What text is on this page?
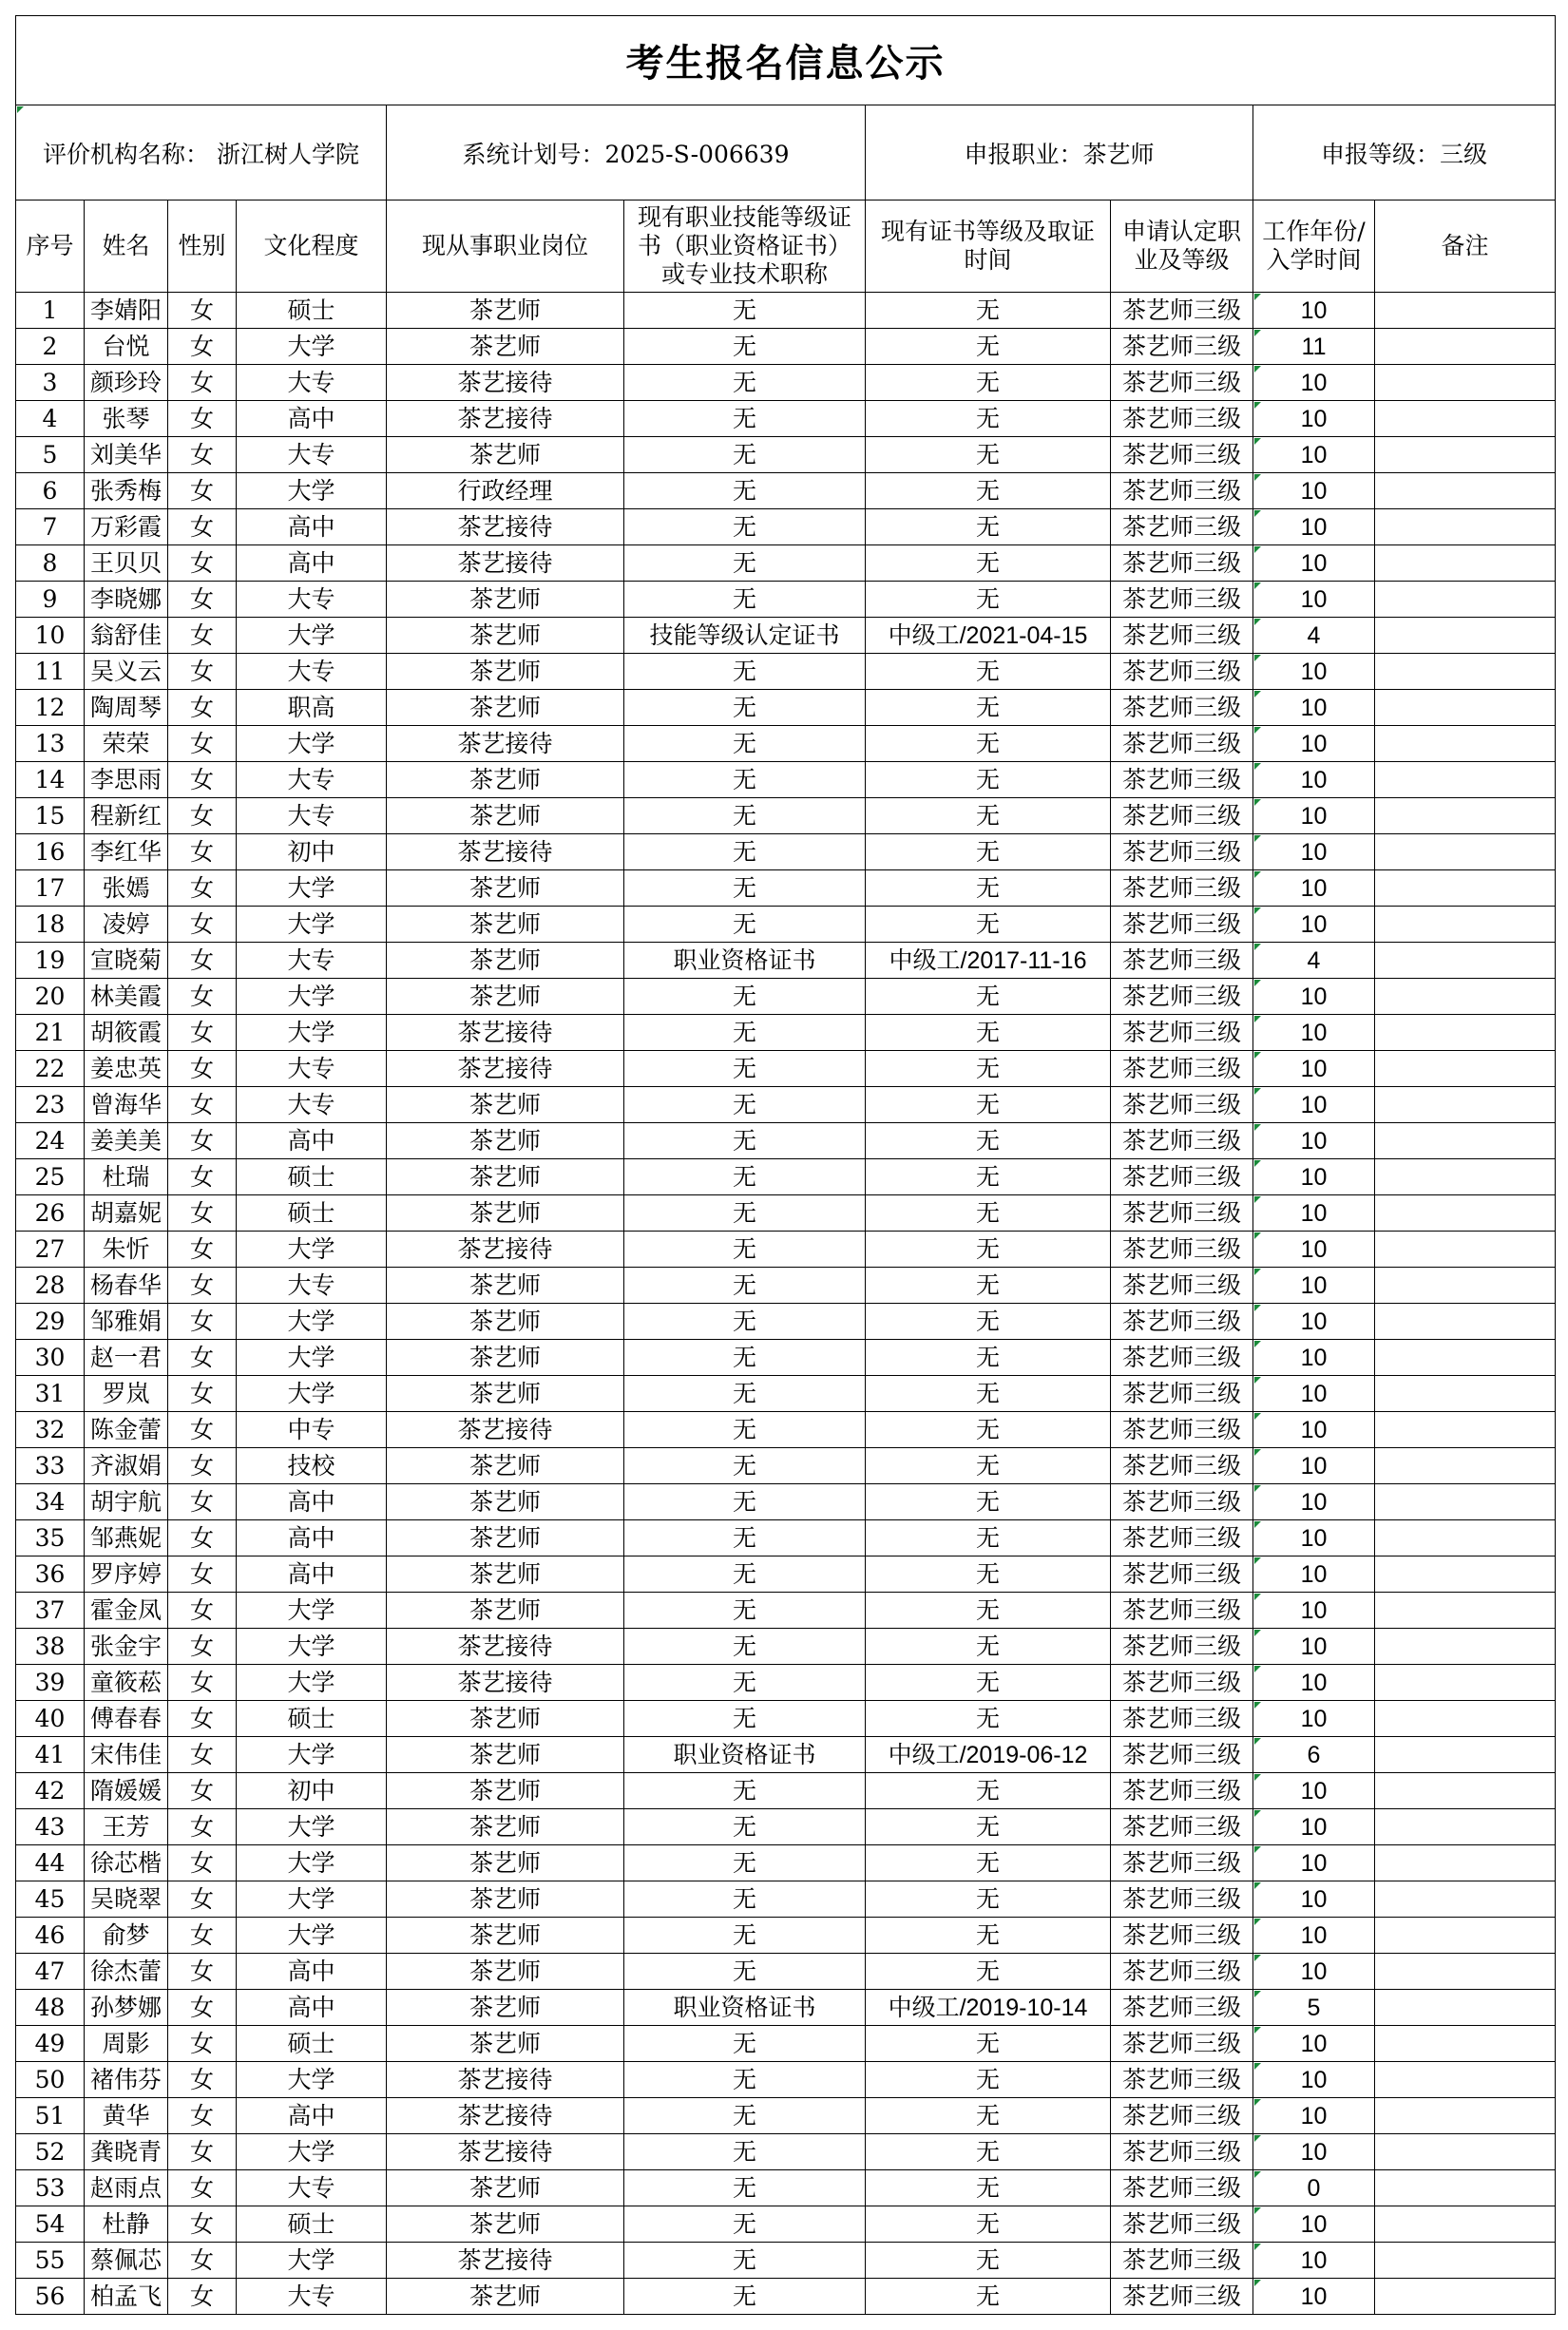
考生报名信息公示									
评价机构名称： 浙江树人学院				系统计划号：2025-S-006639		申报职业：茶艺师		申报等级：三级	
序号	姓名	性别	文化程度	现从事职业岗位	现有职业技能等级证书（职业资格证书）或专业技术职称	现有证书等级及取证时间	申请认定职业及等级	工作年份/入学时间	备注
1	李婧阳	女	硕士	茶艺师	无	无	茶艺师三级	10	
2	台悦	女	大学	茶艺师	无	无	茶艺师三级	11	
3	颜珍玲	女	大专	茶艺接待	无	无	茶艺师三级	10	
4	张琴	女	高中	茶艺接待	无	无	茶艺师三级	10	
5	刘美华	女	大专	茶艺师	无	无	茶艺师三级	10	
6	张秀梅	女	大学	行政经理	无	无	茶艺师三级	10	
7	万彩霞	女	高中	茶艺接待	无	无	茶艺师三级	10	
8	王贝贝	女	高中	茶艺接待	无	无	茶艺师三级	10	
9	李晓娜	女	大专	茶艺师	无	无	茶艺师三级	10	
10	翁舒佳	女	大学	茶艺师	技能等级认定证书	中级工/2021-04-15	茶艺师三级	4	
11	吴义云	女	大专	茶艺师	无	无	茶艺师三级	10	
12	陶周琴	女	职高	茶艺师	无	无	茶艺师三级	10	
13	荣荣	女	大学	茶艺接待	无	无	茶艺师三级	10	
14	李思雨	女	大专	茶艺师	无	无	茶艺师三级	10	
15	程新红	女	大专	茶艺师	无	无	茶艺师三级	10	
16	李红华	女	初中	茶艺接待	无	无	茶艺师三级	10	
17	张嫣	女	大学	茶艺师	无	无	茶艺师三级	10	
18	凌婷	女	大学	茶艺师	无	无	茶艺师三级	10	
19	宣晓菊	女	大专	茶艺师	职业资格证书	中级工/2017-11-16	茶艺师三级	4	
20	林美霞	女	大学	茶艺师	无	无	茶艺师三级	10	
21	胡筱霞	女	大学	茶艺接待	无	无	茶艺师三级	10	
22	姜忠英	女	大专	茶艺接待	无	无	茶艺师三级	10	
23	曾海华	女	大专	茶艺师	无	无	茶艺师三级	10	
24	姜美美	女	高中	茶艺师	无	无	茶艺师三级	10	
25	杜瑞	女	硕士	茶艺师	无	无	茶艺师三级	10	
26	胡嘉妮	女	硕士	茶艺师	无	无	茶艺师三级	10	
27	朱忻	女	大学	茶艺接待	无	无	茶艺师三级	10	
28	杨春华	女	大专	茶艺师	无	无	茶艺师三级	10	
29	邹雅娟	女	大学	茶艺师	无	无	茶艺师三级	10	
30	赵一君	女	大学	茶艺师	无	无	茶艺师三级	10	
31	罗岚	女	大学	茶艺师	无	无	茶艺师三级	10	
32	陈金蕾	女	中专	茶艺接待	无	无	茶艺师三级	10	
33	齐淑娟	女	技校	茶艺师	无	无	茶艺师三级	10	
34	胡宇航	女	高中	茶艺师	无	无	茶艺师三级	10	
35	邹燕妮	女	高中	茶艺师	无	无	茶艺师三级	10	
36	罗序婷	女	高中	茶艺师	无	无	茶艺师三级	10	
37	霍金凤	女	大学	茶艺师	无	无	茶艺师三级	10	
38	张金宇	女	大学	茶艺接待	无	无	茶艺师三级	10	
39	童筱菘	女	大学	茶艺接待	无	无	茶艺师三级	10	
40	傅春春	女	硕士	茶艺师	无	无	茶艺师三级	10	
41	宋伟佳	女	大学	茶艺师	职业资格证书	中级工/2019-06-12	茶艺师三级	6	
42	隋媛媛	女	初中	茶艺师	无	无	茶艺师三级	10	
43	王芳	女	大学	茶艺师	无	无	茶艺师三级	10	
44	徐芯楷	女	大学	茶艺师	无	无	茶艺师三级	10	
45	吴晓翠	女	大学	茶艺师	无	无	茶艺师三级	10	
46	俞梦	女	大学	茶艺师	无	无	茶艺师三级	10	
47	徐杰蕾	女	高中	茶艺师	无	无	茶艺师三级	10	
48	孙梦娜	女	高中	茶艺师	职业资格证书	中级工/2019-10-14	茶艺师三级	5	
49	周影	女	硕士	茶艺师	无	无	茶艺师三级	10	
50	褚伟芬	女	大学	茶艺接待	无	无	茶艺师三级	10	
51	黄华	女	高中	茶艺接待	无	无	茶艺师三级	10	
52	龚晓青	女	大学	茶艺接待	无	无	茶艺师三级	10	
53	赵雨点	女	大专	茶艺师	无	无	茶艺师三级	0	
54	杜静	女	硕士	茶艺师	无	无	茶艺师三级	10	
55	蔡佩芯	女	大学	茶艺接待	无	无	茶艺师三级	10	
56	柏孟飞	女	大专	茶艺师	无	无	茶艺师三级	10	
